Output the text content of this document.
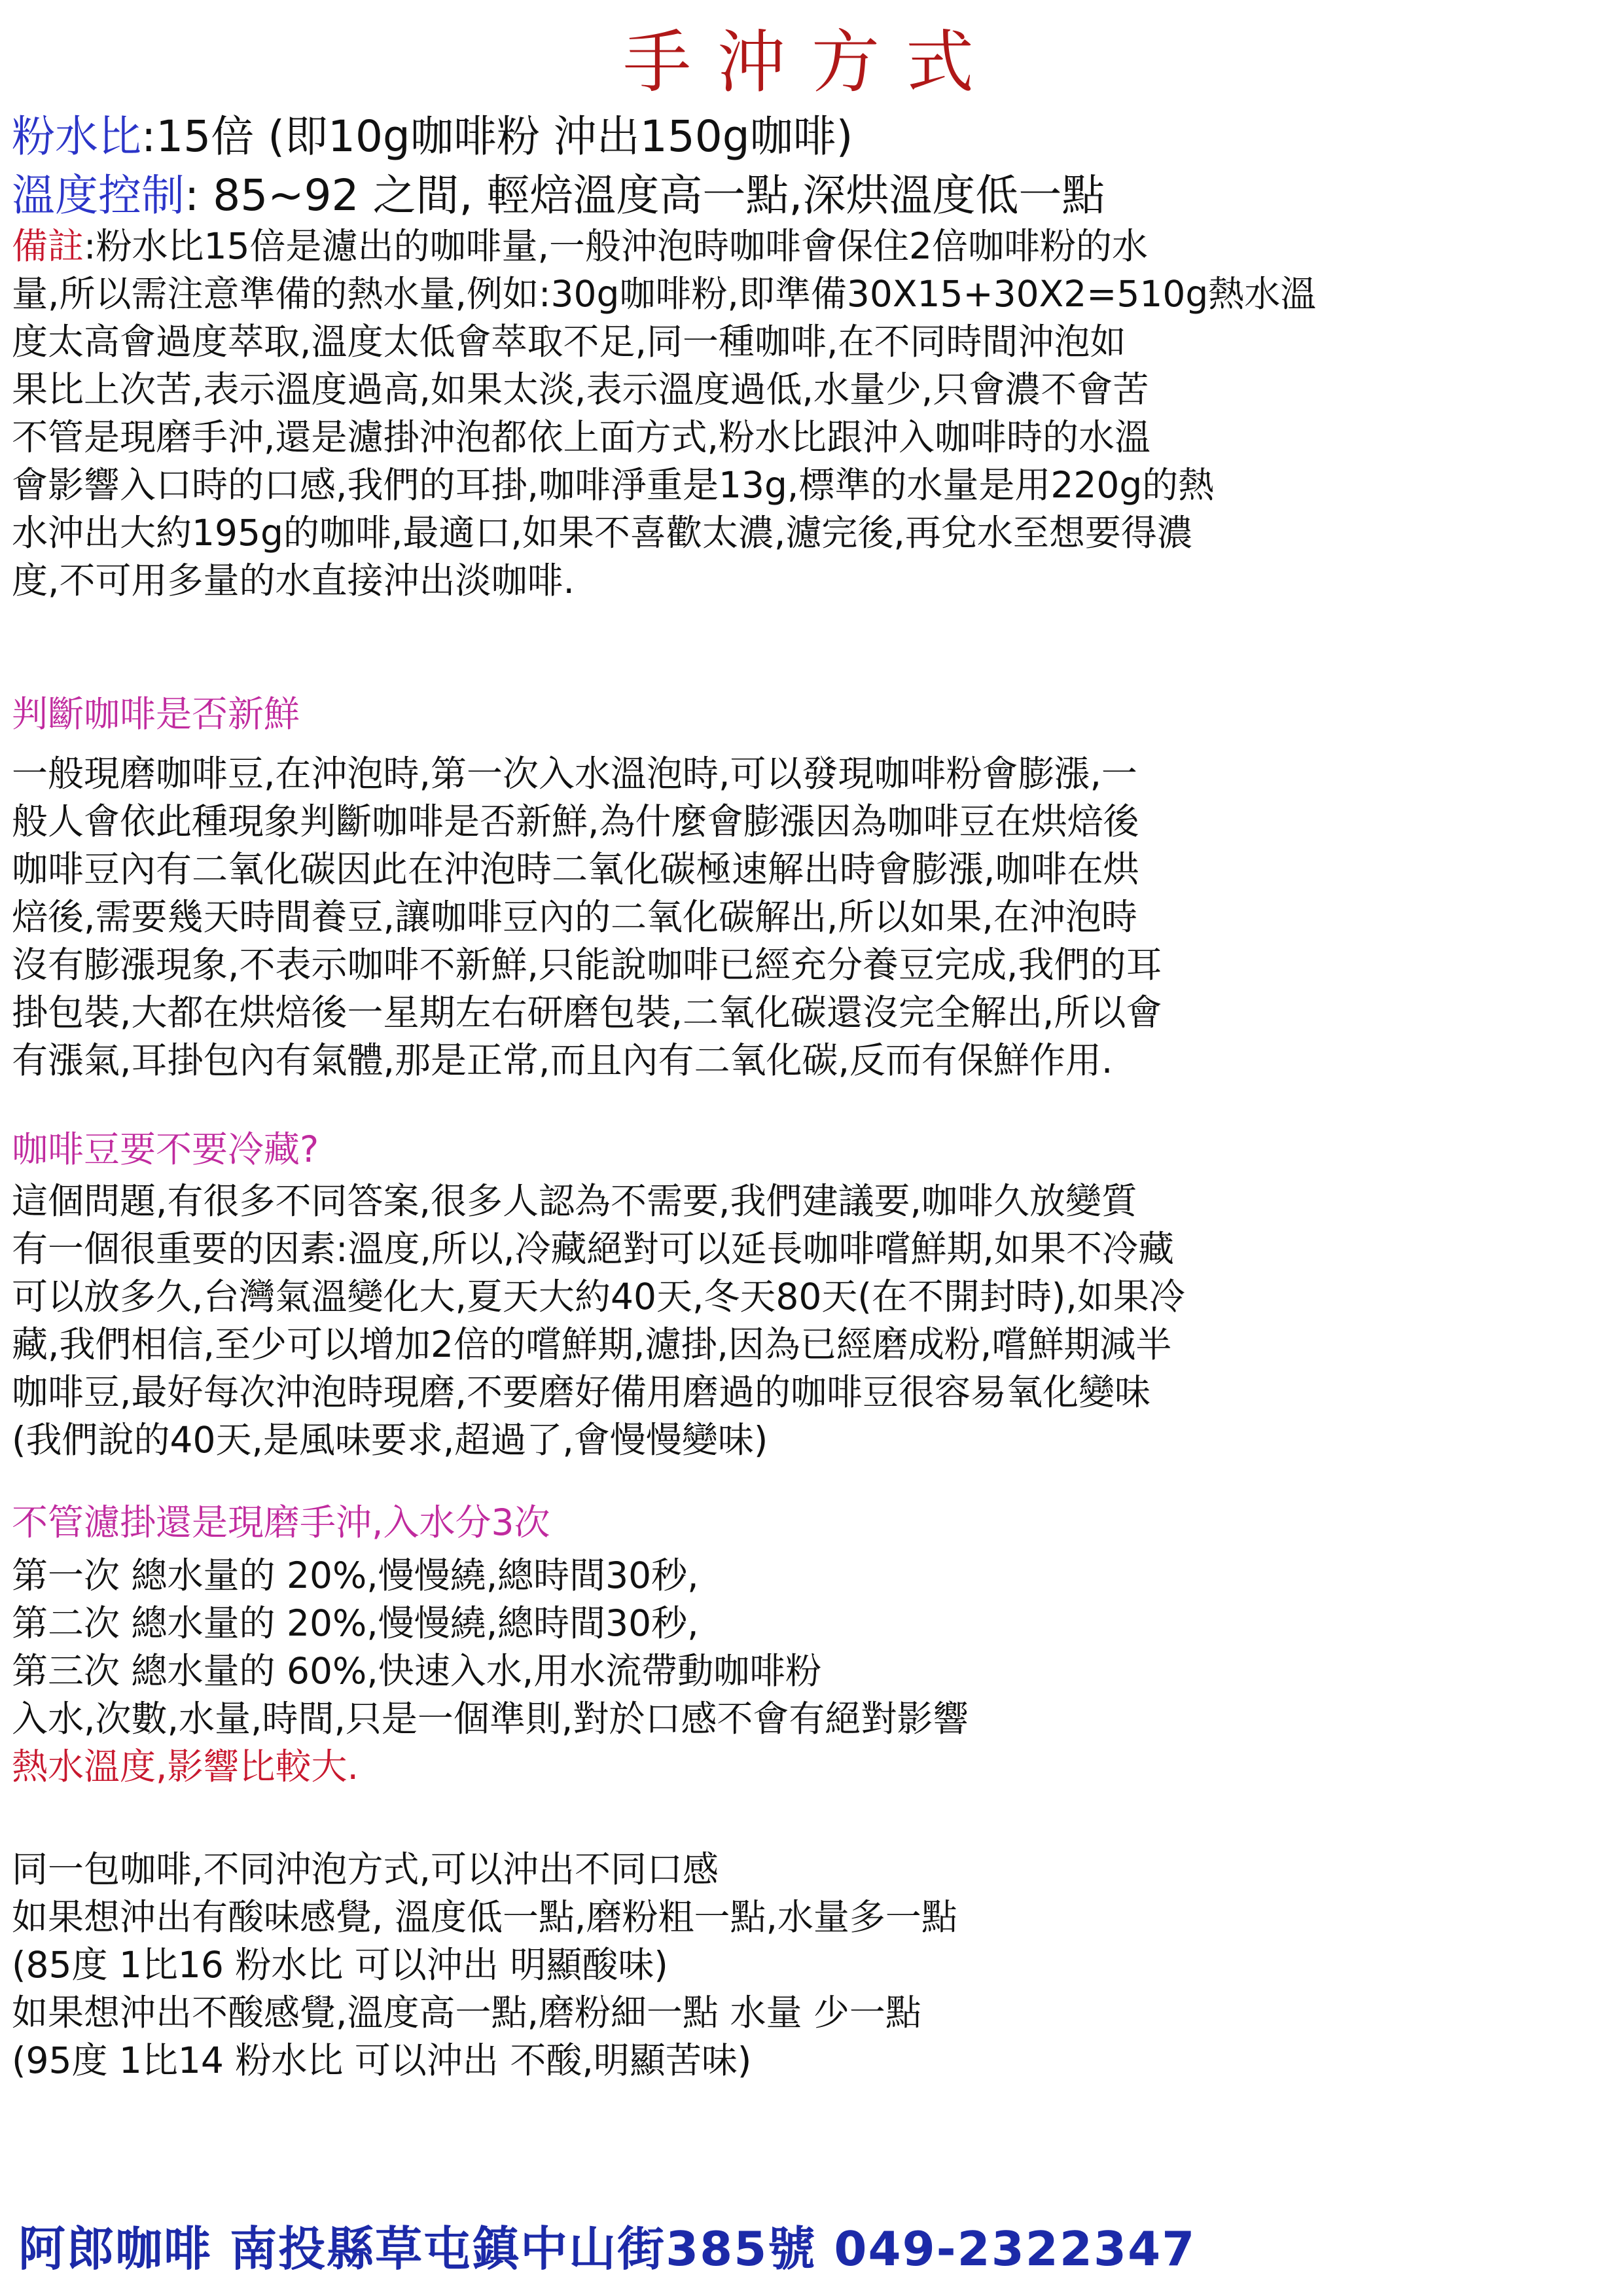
手沖方式
粉水比:15倍 (即10g咖啡粉 沖出150g咖啡)
溫度控制: 85~92 之間, 輕焙溫度高一點,深烘溫度低一點
備註:粉水比15倍是濾出的咖啡量,一般沖泡時咖啡會保住2倍咖啡粉的水
量,所以需注意準備的熱水量,例如:30g咖啡粉,即準備30X15+30X2=510g熱水溫
度太高會過度萃取,溫度太低會萃取不足,同一種咖啡,在不同時間沖泡如
果比上次苦,表示溫度過高,如果太淡,表示溫度過低,水量少,只會濃不會苦
不管是現磨手沖,還是濾掛沖泡都依上面方式,粉水比跟沖入咖啡時的水溫
會影響入口時的口感,我們的耳掛,咖啡淨重是13g,標準的水量是用220g的熱
水沖出大約195g的咖啡,最適口,如果不喜歡太濃,濾完後,再兌水至想要得濃
度,不可用多量的水直接沖出淡咖啡.
判斷咖啡是否新鮮
一般現磨咖啡豆,在沖泡時,第一次入水溫泡時,可以發現咖啡粉會膨漲,一
般人會依此種現象判斷咖啡是否新鮮,為什麼會膨漲因為咖啡豆在烘焙後
咖啡豆內有二氧化碳因此在沖泡時二氧化碳極速解出時會膨漲,咖啡在烘
焙後,需要幾天時間養豆,讓咖啡豆內的二氧化碳解出,所以如果,在沖泡時
沒有膨漲現象,不表示咖啡不新鮮,只能說咖啡已經充分養豆完成,我們的耳
掛包裝,大都在烘焙後一星期左右研磨包裝,二氧化碳還沒完全解出,所以會
有漲氣,耳掛包內有氣體,那是正常,而且內有二氧化碳,反而有保鮮作用.
咖啡豆要不要冷藏?
這個問題,有很多不同答案,很多人認為不需要,我們建議要,咖啡久放變質
有一個很重要的因素:溫度,所以,冷藏絕對可以延長咖啡嚐鮮期,如果不冷藏
可以放多久,台灣氣溫變化大,夏天大約40天,冬天80天(在不開封時),如果冷
藏,我們相信,至少可以增加2倍的嚐鮮期,濾掛,因為已經磨成粉,嚐鮮期減半
咖啡豆,最好每次沖泡時現磨,不要磨好備用磨過的咖啡豆很容易氧化變味
(我們說的40天,是風味要求,超過了,會慢慢變味)
不管濾掛還是現磨手沖,入水分3次
第一次 總水量的 20%,慢慢繞,總時間30秒,
第二次 總水量的 20%,慢慢繞,總時間30秒,
第三次 總水量的 60%,快速入水,用水流帶動咖啡粉
入水,次數,水量,時間,只是一個準則,對於口感不會有絕對影響
熱水溫度,影響比較大.
同一包咖啡,不同沖泡方式,可以沖出不同口感
如果想沖出有酸味感覺, 溫度低一點,磨粉粗一點,水量多一點
(85度 1比16 粉水比 可以沖出 明顯酸味)
如果想沖出不酸感覺,溫度高一點,磨粉細一點 水量 少一點
(95度 1比14 粉水比 可以沖出 不酸,明顯苦味)
阿郎咖啡 南投縣草屯鎮中山街385號 049-2322347
